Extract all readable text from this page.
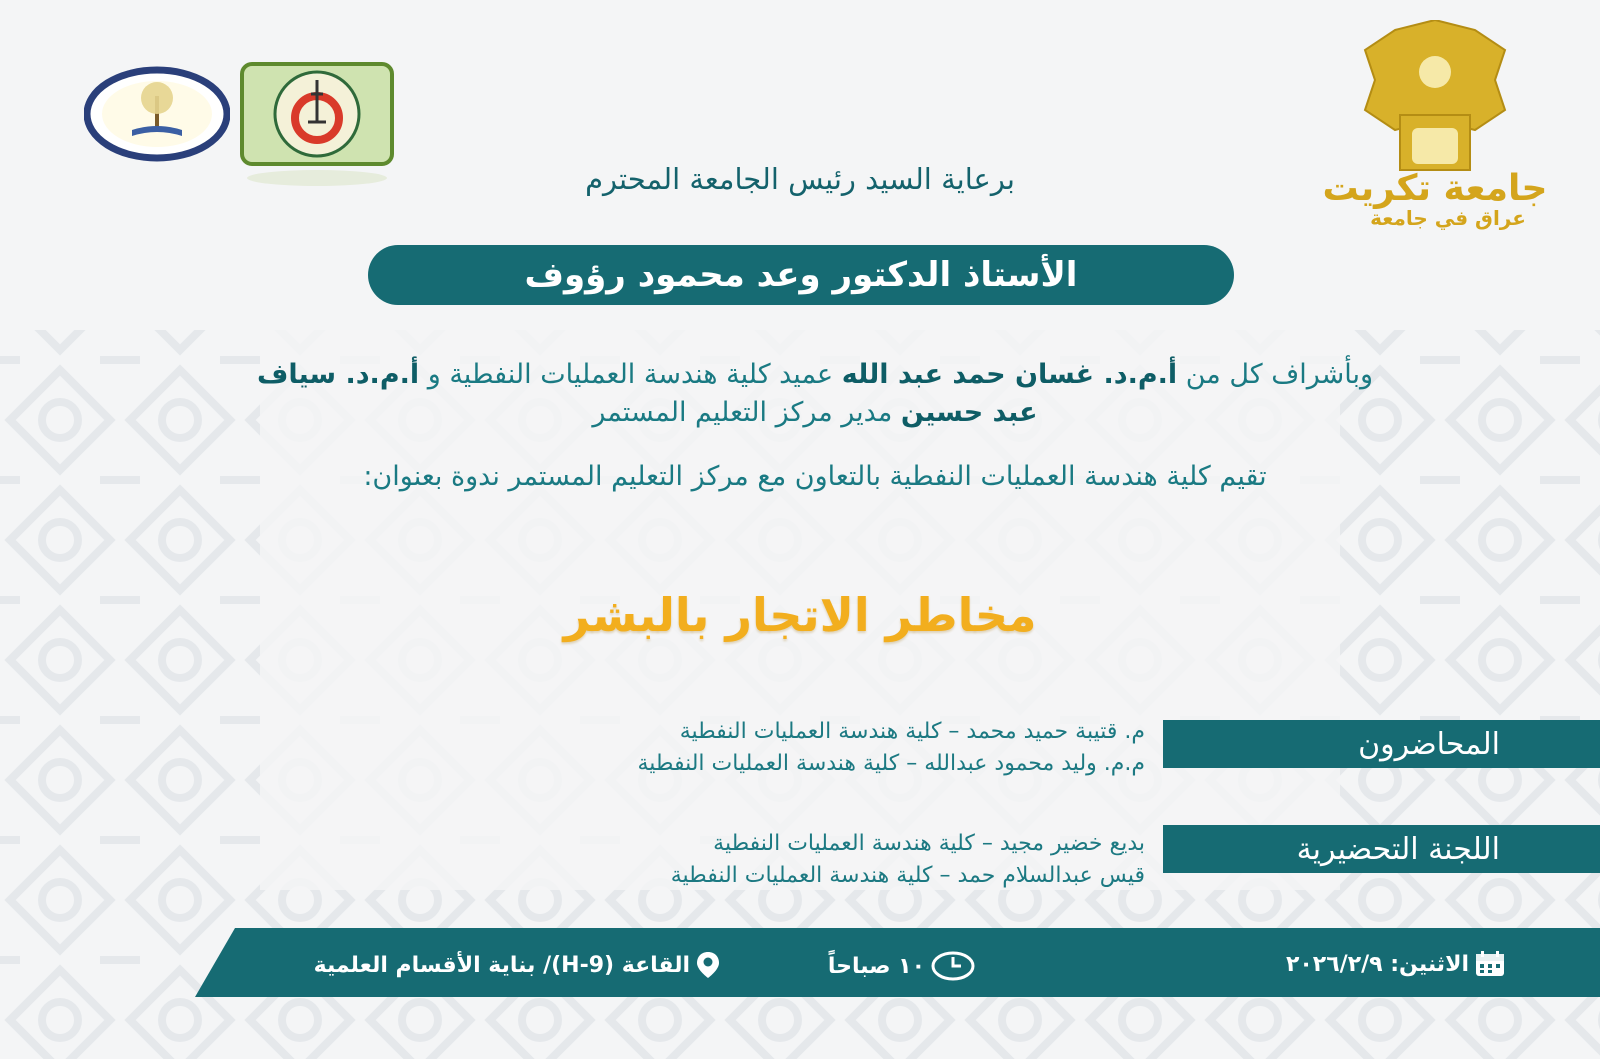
جامعة تكريت
عراق في جامعة
برعاية السيد رئيس الجامعة المحترم
الأستاذ الدكتور وعد محمود رؤوف
وبأشراف كل من أ.م.د. غسان حمد عبد الله عميد كلية هندسة العمليات النفطية و أ.م.د. سياف عبد حسين مدير مركز التعليم المستمر
تقيم كلية هندسة العمليات النفطية بالتعاون مع مركز التعليم المستمر ندوة بعنوان:
مخاطر الاتجار بالبشر
المحاضرون
م. قتيبة حميد محمد – كلية هندسة العمليات النفطية
م.م. وليد محمود عبدالله – كلية هندسة العمليات النفطية
اللجنة التحضيرية
بديع خضير مجيد – كلية هندسة العمليات النفطية
قيس عبدالسلام حمد – كلية هندسة العمليات النفطية
الاثنين: ٢٠٢٦/٢/٩
١٠ صباحاً
القاعة (H-9)/ بناية الأقسام العلمية
